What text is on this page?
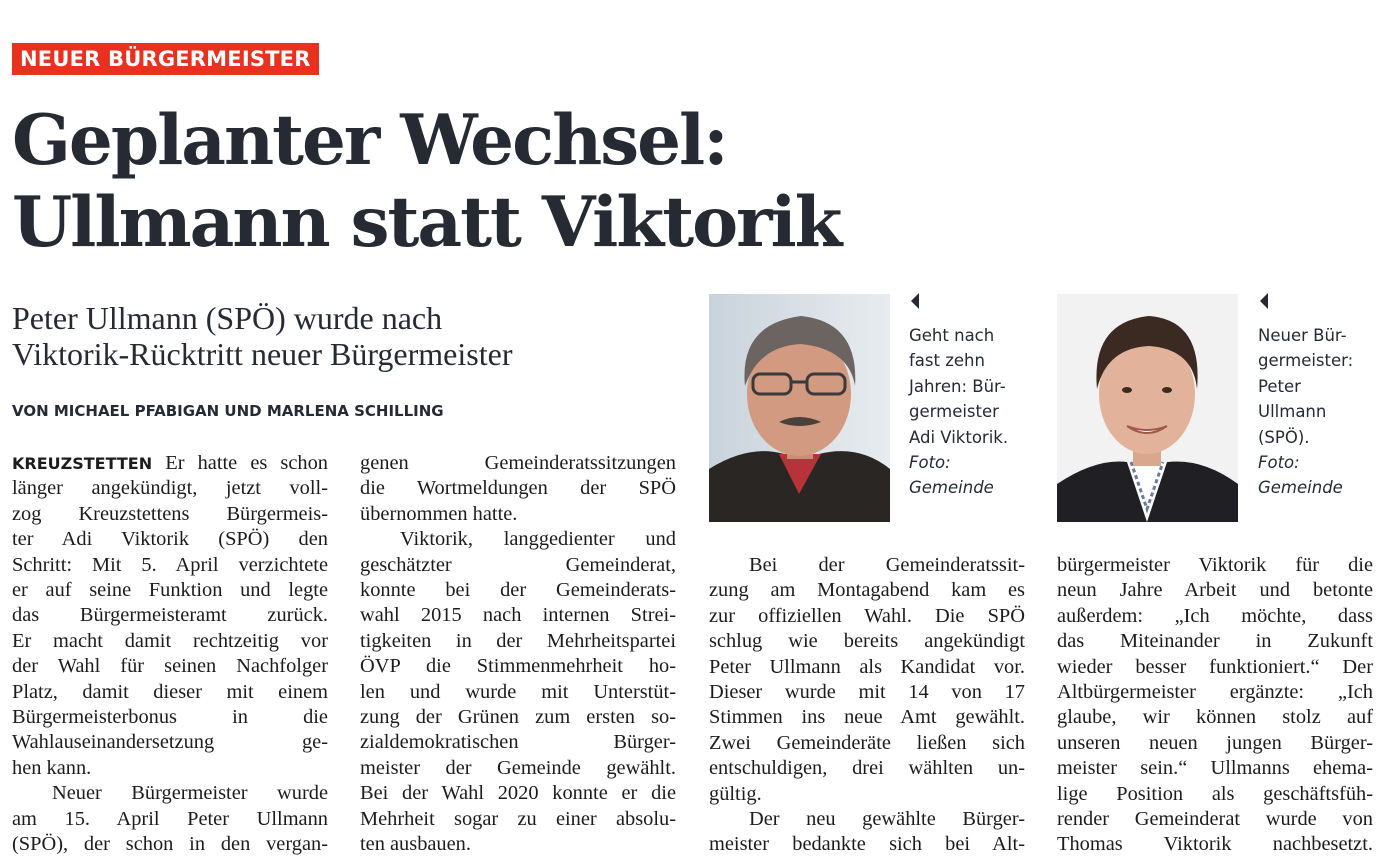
NEUER BÜRGERMEISTER
Geplanter Wechsel:
Ullmann statt Viktorik
Peter Ullmann (SPÖ) wurde nach
Viktorik-Rücktritt neuer Bürgermeister
VON MICHAEL PFABIGAN UND MARLENA SCHILLING
KREUZSTETTEN Er hatte es schon
länger angekündigt, jetzt voll-
zog Kreuzstettens Bürgermeis-
ter Adi Viktorik (SPÖ) den
Schritt: Mit 5. April verzichtete
er auf seine Funktion und legte
das Bürgermeisteramt zurück.
Er macht damit rechtzeitig vor
der Wahl für seinen Nachfolger
Platz, damit dieser mit einem
Bürgermeisterbonus in die
Wahlauseinandersetzung ge-
hen kann.
Neuer Bürgermeister wurde
am 15. April Peter Ullmann
(SPÖ), der schon in den vergan-
genen Gemeinderatssitzungen
die Wortmeldungen der SPÖ
übernommen hatte.
Viktorik, langgedienter und
geschätzter Gemeinderat,
konnte bei der Gemeinderats-
wahl 2015 nach internen Strei-
tigkeiten in der Mehrheitspartei
ÖVP die Stimmenmehrheit ho-
len und wurde mit Unterstüt-
zung der Grünen zum ersten so-
zialdemokratischen Bürger-
meister der Gemeinde gewählt.
Bei der Wahl 2020 konnte er die
Mehrheit sogar zu einer absolu-
ten ausbauen.
Geht nach
fast zehn
Jahren: Bür-
germeister
Adi Viktorik.
Foto:
Gemeinde
Neuer Bür-
germeister:
Peter
Ullmann
(SPÖ).
Foto:
Gemeinde
Bei der Gemeinderatssit-
zung am Montagabend kam es
zur offiziellen Wahl. Die SPÖ
schlug wie bereits angekündigt
Peter Ullmann als Kandidat vor.
Dieser wurde mit 14 von 17
Stimmen ins neue Amt gewählt.
Zwei Gemeinderäte ließen sich
entschuldigen, drei wählten un-
gültig.
Der neu gewählte Bürger-
meister bedankte sich bei Alt-
bürgermeister Viktorik für die
neun Jahre Arbeit und betonte
außerdem: „Ich möchte, dass
das Miteinander in Zukunft
wieder besser funktioniert.“ Der
Altbürgermeister ergänzte: „Ich
glaube, wir können stolz auf
unseren neuen jungen Bürger-
meister sein.“ Ullmanns ehema-
lige Position als geschäftsfüh-
render Gemeinderat wurde von
Thomas Viktorik nachbesetzt.
